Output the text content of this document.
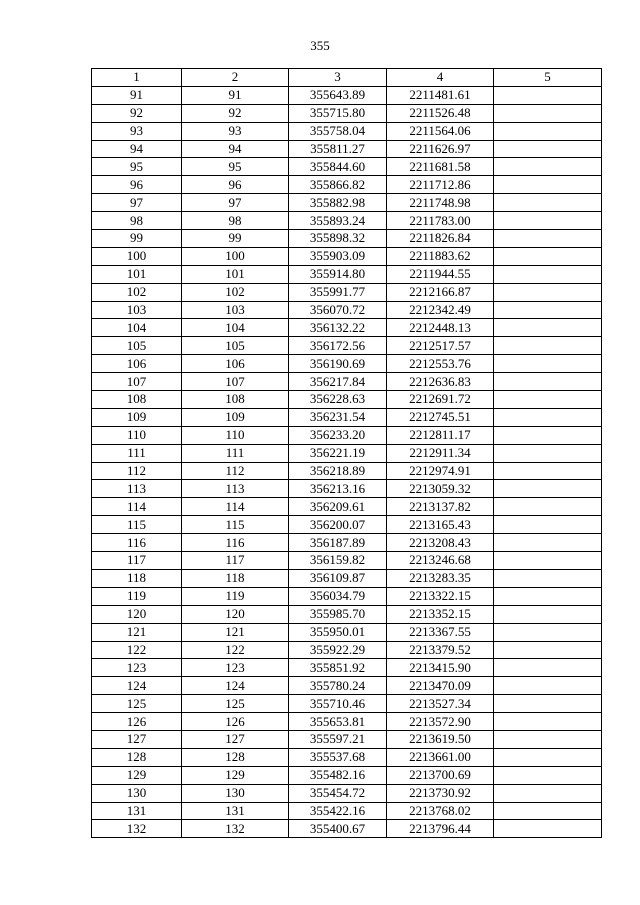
355
1	2	3	4	5
91	91	355643.89	2211481.61	
92	92	355715.80	2211526.48	
93	93	355758.04	2211564.06	
94	94	355811.27	2211626.97	
95	95	355844.60	2211681.58	
96	96	355866.82	2211712.86	
97	97	355882.98	2211748.98	
98	98	355893.24	2211783.00	
99	99	355898.32	2211826.84	
100	100	355903.09	2211883.62	
101	101	355914.80	2211944.55	
102	102	355991.77	2212166.87	
103	103	356070.72	2212342.49	
104	104	356132.22	2212448.13	
105	105	356172.56	2212517.57	
106	106	356190.69	2212553.76	
107	107	356217.84	2212636.83	
108	108	356228.63	2212691.72	
109	109	356231.54	2212745.51	
110	110	356233.20	2212811.17	
111	111	356221.19	2212911.34	
112	112	356218.89	2212974.91	
113	113	356213.16	2213059.32	
114	114	356209.61	2213137.82	
115	115	356200.07	2213165.43	
116	116	356187.89	2213208.43	
117	117	356159.82	2213246.68	
118	118	356109.87	2213283.35	
119	119	356034.79	2213322.15	
120	120	355985.70	2213352.15	
121	121	355950.01	2213367.55	
122	122	355922.29	2213379.52	
123	123	355851.92	2213415.90	
124	124	355780.24	2213470.09	
125	125	355710.46	2213527.34	
126	126	355653.81	2213572.90	
127	127	355597.21	2213619.50	
128	128	355537.68	2213661.00	
129	129	355482.16	2213700.69	
130	130	355454.72	2213730.92	
131	131	355422.16	2213768.02	
132	132	355400.67	2213796.44	
